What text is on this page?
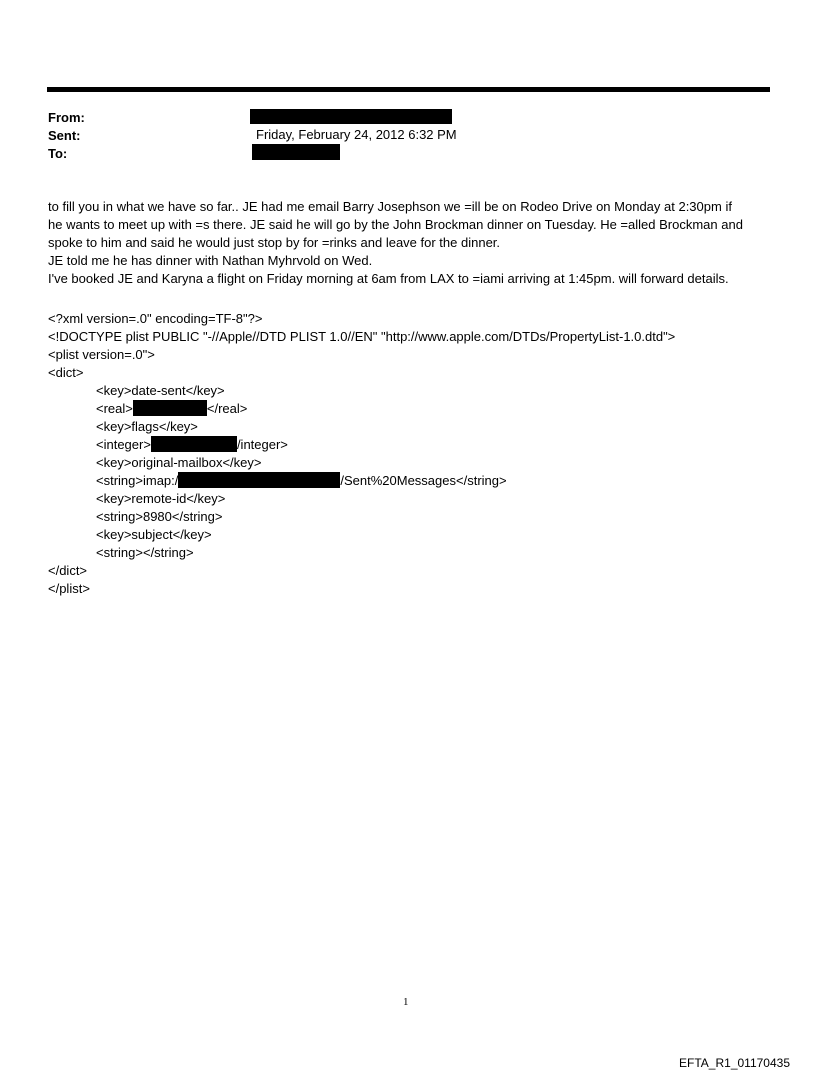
From:
Sent:	Friday, February 24, 2012 6:32 PM
To:

to fill you in what we have so far.. JE had me email Barry Josephson we =ill be on Rodeo Drive on Monday at 2:30pm if

he wants to meet up with =s there. JE said he will go by the John Brockman dinner on Tuesday. He =alled Brockman and

spoke to him and said he would just stop by for =rinks and leave for the dinner.

JE told me he has dinner with Nathan Myhrvold on Wed.

I've booked JE and Karyna a flight on Friday morning at 6am from LAX to =iami arriving at 1:45pm. will forward details.

<?xml version=.0" encoding=TF-8"?>
<!DOCTYPE plist PUBLIC "-//Apple//DTD PLIST 1.0//EN" "http://www.apple.com/DTDs/PropertyList-1.0.dtd">
<plist version=.0">
<dict>
<key>date-sent</key>
<real>	</real>
<key>flags</key>
<integer>	/integer>
<key>original-mailbox</key>
<string>imap:/	/Sent%20Messages</string>
<key>remote-id</key>
<string>8980</string>
<key>subject</key>
<string></string>
</dict>
</plist>
1
EFTA_R1_01170435
